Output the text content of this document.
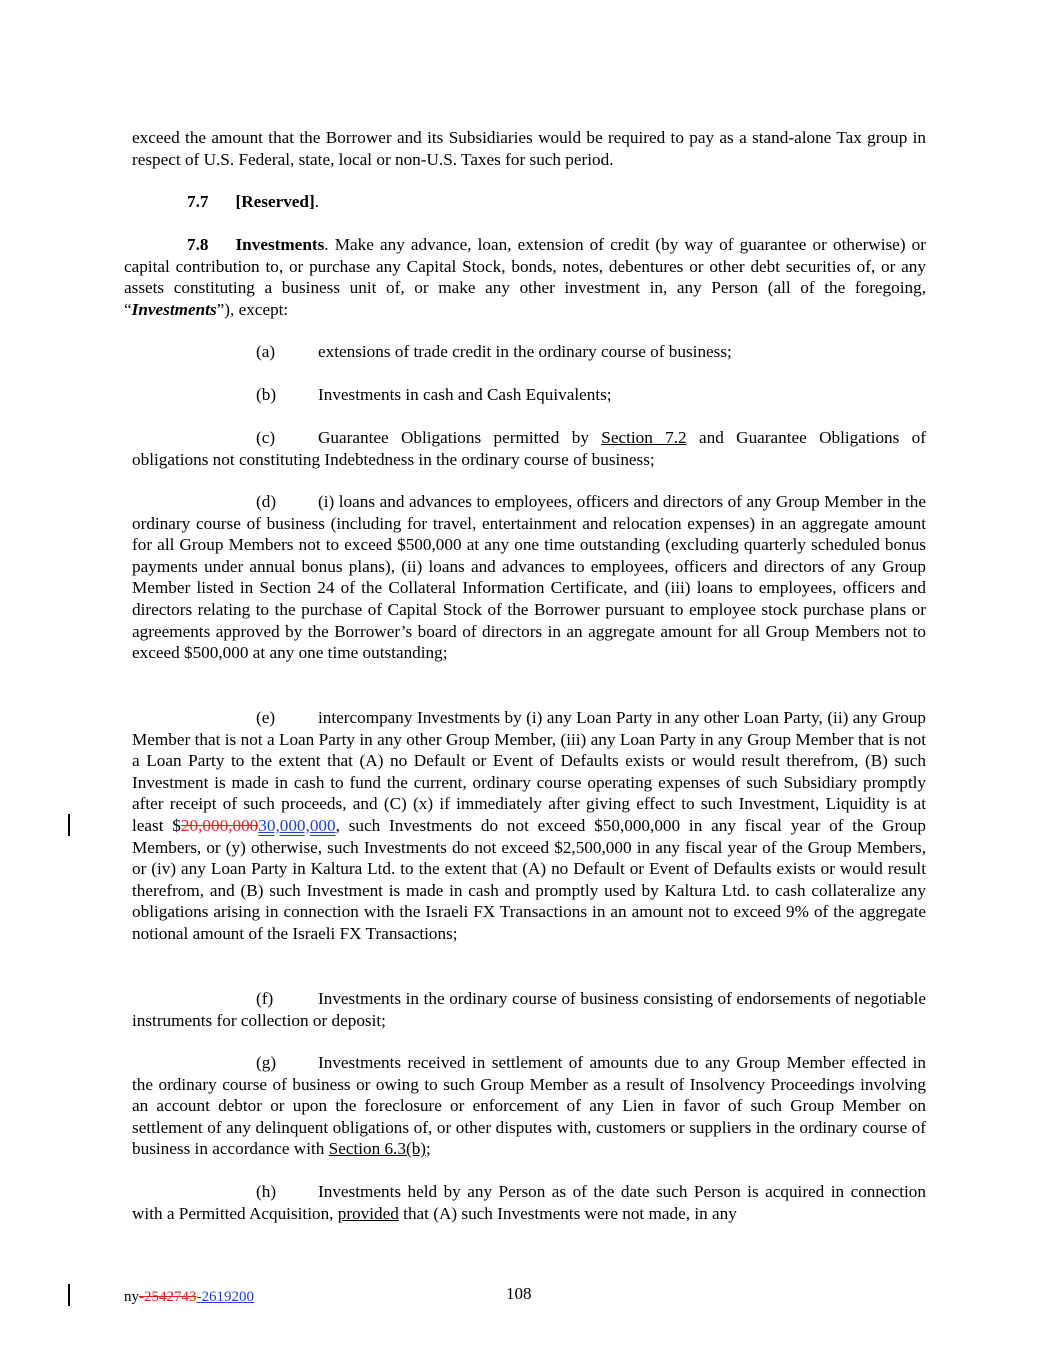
exceed the amount that the Borrower and its Subsidiaries would be required to pay as a stand-alone Tax group in respect of U.S. Federal, state, local or non-U.S. Taxes for such period.

7.7 [Reserved].

7.8 Investments. Make any advance, loan, extension of credit (by way of guarantee or otherwise) or capital contribution to, or purchase any Capital Stock, bonds, notes, debentures or other debt securities of, or any assets constituting a business unit of, or make any other investment in, any Person (all of the foregoing, “Investments”), except:

(a) extensions of trade credit in the ordinary course of business;

(b) Investments in cash and Cash Equivalents;

(c) Guarantee Obligations permitted by Section 7.2 and Guarantee Obligations of obligations not constituting Indebtedness in the ordinary course of business;

(d) (i) loans and advances to employees, officers and directors of any Group Member in the ordinary course of business (including for travel, entertainment and relocation expenses) in an aggregate amount for all Group Members not to exceed $500,000 at any one time outstanding (excluding quarterly scheduled bonus payments under annual bonus plans), (ii) loans and advances to employees, officers and directors of any Group Member listed in Section 24 of the Collateral Information Certificate, and (iii) loans to employees, officers and directors relating to the purchase of Capital Stock of the Borrower pursuant to employee stock purchase plans or agreements approved by the Borrower’s board of directors in an aggregate amount for all Group Members not to exceed $500,000 at any one time outstanding;

(e) intercompany Investments by (i) any Loan Party in any other Loan Party, (ii) any Group Member that is not a Loan Party in any other Group Member, (iii) any Loan Party in any Group Member that is not a Loan Party to the extent that (A) no Default or Event of Defaults exists or would result therefrom, (B) such Investment is made in cash to fund the current, ordinary course operating expenses of such Subsidiary promptly after receipt of such proceeds, and (C) (x) if immediately after giving effect to such Investment, Liquidity is at least $20,000,00030,000,000, such Investments do not exceed $50,000,000 in any fiscal year of the Group Members, or (y) otherwise, such Investments do not exceed $2,500,000 in any fiscal year of the Group Members, or (iv) any Loan Party in Kaltura Ltd. to the extent that (A) no Default or Event of Defaults exists or would result therefrom, and (B) such Investment is made in cash and promptly used by Kaltura Ltd. to cash collateralize any obligations arising in connection with the Israeli FX Transactions in an amount not to exceed 9% of the aggregate notional amount of the Israeli FX Transactions;

(f)	Investments in the ordinary course of business consisting of endorsements of negotiable instruments for collection or deposit;

(g) Investments received in settlement of amounts due to any Group Member effected in the ordinary course of business or owing to such Group Member as a result of Insolvency Proceedings involving an account debtor or upon the foreclosure or enforcement of any Lien in favor of such Group Member on settlement of any delinquent obligations of, or other disputes with, customers or suppliers in the ordinary course of business in accordance with Section 6.3(b);

(h) Investments held by any Person as of the date such Person is acquired in connection with a Permitted Acquisition, provided that (A) such Investments were not made, in any

ny-2542743-2619200	108
